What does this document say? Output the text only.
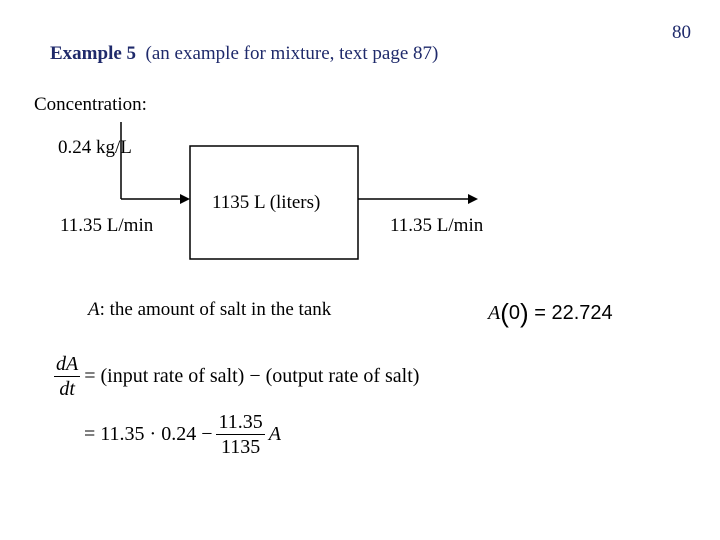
80
Example 5 (an example for mixture, text page 87)
Concentration:
0.24 kg/L
11.35 L/min
1135 L (liters)
11.35 L/min
A: the amount of salt in the tank	A(0) = 22.724
$\frac{dA}{dt}$ = (input rate of salt) − (output rate of salt)
= $11.35 \cdot 0.24 - \frac{11.35}{1135}$ A
